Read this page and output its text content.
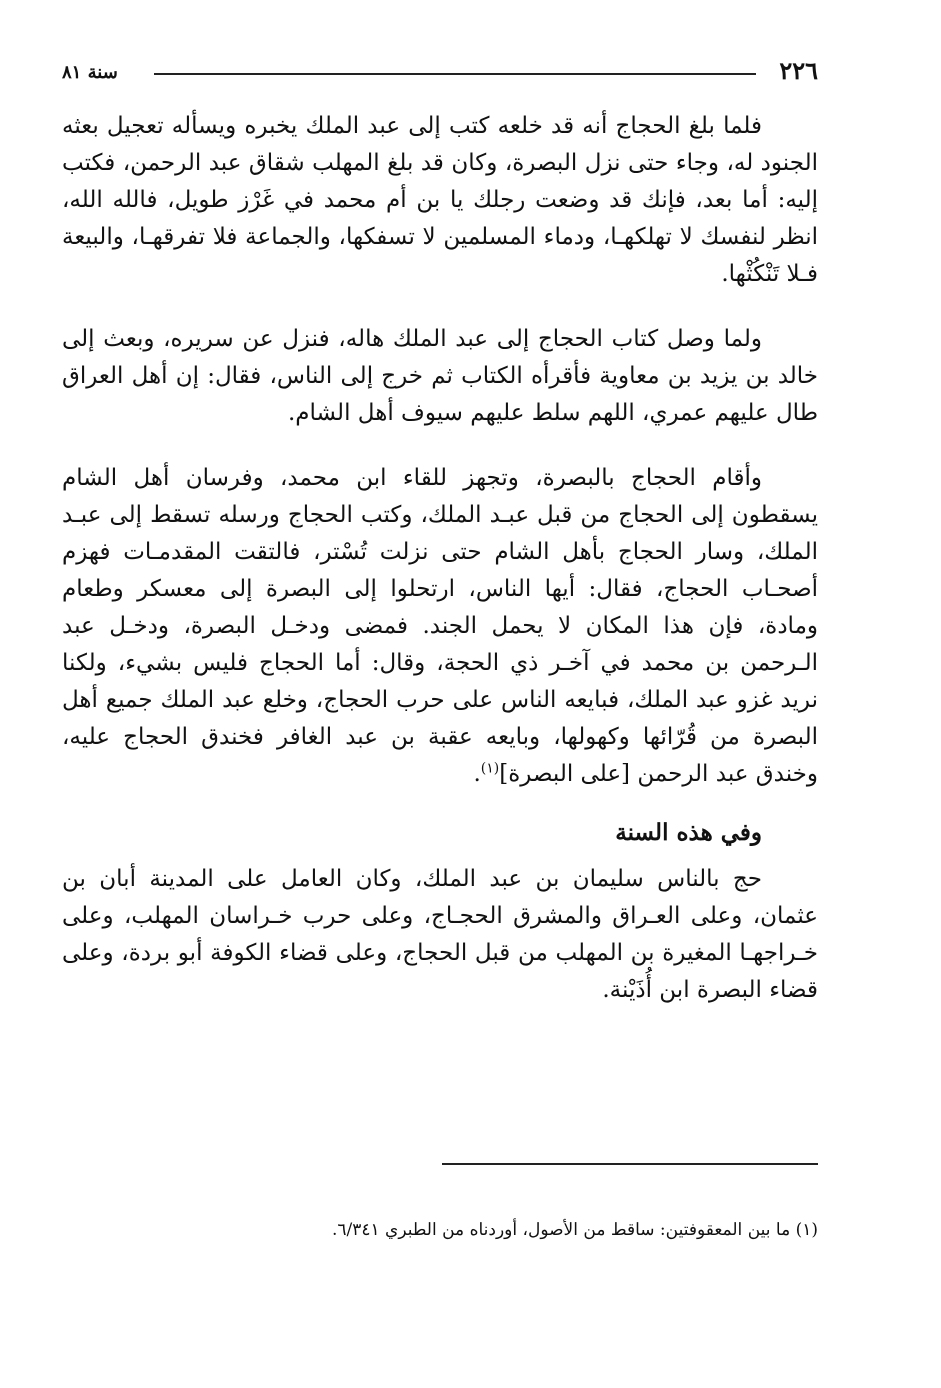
٢٢٦
سنة ٨١

فلما بلغ الحجاج أنه قد خلعه كتب إلى عبد الملك يخبره ويسأله تعجيل بعثه الجنود له، وجاء حتى نزل البصرة، وكان قد بلغ المهلب شقاق عبد الرحمن، فكتب إليه: أما بعد، فإنك قد وضعت رجلك يا بن أم محمد في غَرْز طويل، فالله الله، انظر لنفسك لا تهلكهـا، ودماء المسلمين لا تسفكها، والجماعة فلا تفرقهـا، والبيعة فـلا تَنْكُثْها.

ولما وصل كتاب الحجاج إلى عبد الملك هاله، فنزل عن سريره، وبعث إلى خالد بن يزيد بن معاوية فأقرأه الكتاب ثم خرج إلى الناس، فقال: إن أهل العراق طال عليهم عمري، اللهم سلط عليهم سيوف أهل الشام.

وأقام الحجاج بالبصرة، وتجهز للقاء ابن محمد، وفرسان أهل الشام يسقطون إلى الحجاج من قبل عبـد الملك، وكتب الحجاج ورسله تسقط إلى عبـد الملك، وسار الحجاج بأهل الشام حتى نزلت تُسْتر، فالتقت المقدمـات فهزم أصحـاب الحجاج، فقال: أيها الناس، ارتحلوا إلى البصرة إلى معسكر وطعام ومادة، فإن هذا المكان لا يحمل الجند. فمضى ودخـل البصرة، ودخـل عبد الـرحمن بن محمد في آخـر ذي الحجة، وقال: أما الحجاج فليس بشيء، ولكنا نريد غزو عبد الملك، فبايعه الناس على حرب الحجاج، وخلع عبد الملك جميع أهل البصرة من قُرّائها وكهولها، وبايعه عقبة بن عبد الغافر فخندق الحجاج عليه، وخندق عبد الرحمن [على البصرة]$^{(١)}$.

وفي هذه السنة

حج بالناس سليمان بن عبد الملك، وكان العامل على المدينة أبان بن عثمان، وعلى العـراق والمشرق الحجـاج، وعلى حرب خـراسان المهلب، وعلى خـراجهـا المغيرة بن المهلب من قبل الحجاج، وعلى قضاء الكوفة أبو بردة، وعلى قضاء البصرة ابن أُذَيْنة.

(١) ما بين المعقوفتين: ساقط من الأصول، أوردناه من الطبري ٦/٣٤١.
